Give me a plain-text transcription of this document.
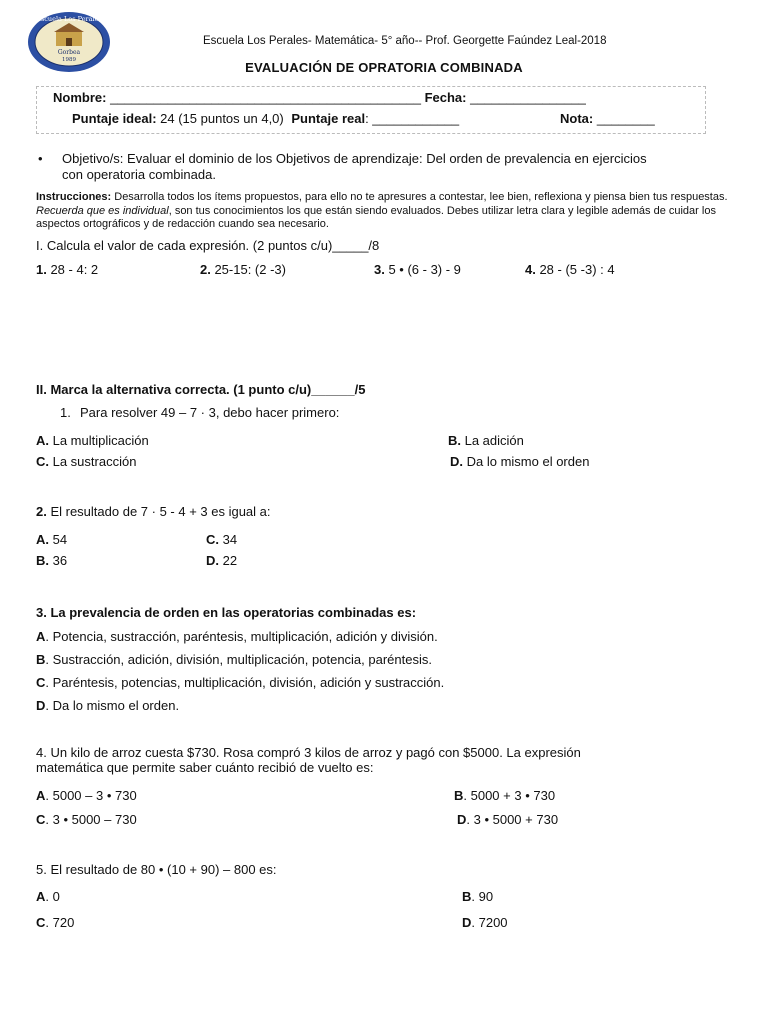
Gorbea
1989
Escuela Los Perales
Escuela Los Perales- Matemática- 5° año-- Prof. Georgette Faúndez Leal-2018
EVALUACIÓN DE OPRATORIA COMBINADA
Nombre: ___________________________________________ Fecha: ________________
Puntaje ideal: 24 (15 puntos un 4,0) Puntaje real: ____________	Nota: ________
• Objetivo/s: Evaluar el dominio de los Objetivos de aprendizaje: Del orden de prevalencia en ejercicios
con operatoria combinada.
Instrucciones: Desarrolla todos los ítems propuestos, para ello no te apresures a contestar, lee bien, reflexiona y piensa bien tus respuestas. Recuerda que es individual, son tus conocimientos los que están siendo evaluados. Debes utilizar letra clara y legible además de cuidar los aspectos ortográficos y de redacción cuando sea necesario.
I. Calcula el valor de cada expresión. (2 puntos c/u)_____/8
1. 28 - 4: 2	2. 25-15: (2 -3)	3. 5 • (6 - 3) - 9	4. 28 - (5 -3) : 4
II. Marca la alternativa correcta. (1 punto c/u)______/5
1. Para resolver 49 – 7 · 3, debo hacer primero:
A. La multiplicación	B. La adición
C. La sustracción	D. Da lo mismo el orden
2. El resultado de 7 · 5 - 4 + 3 es igual a:
A. 54	C. 34
B. 36	D. 22
3. La prevalencia de orden en las operatorias combinadas es:
A. Potencia, sustracción, paréntesis, multiplicación, adición y división.
B. Sustracción, adición, división, multiplicación, potencia, paréntesis.
C. Paréntesis, potencias, multiplicación, división, adición y sustracción.
D. Da lo mismo el orden.
4. Un kilo de arroz cuesta $730. Rosa compró 3 kilos de arroz y pagó con $5000. La expresión
matemática que permite saber cuánto recibió de vuelto es:
A. 5000 – 3 • 730	B. 5000 + 3 • 730
C. 3 • 5000 – 730	D. 3 • 5000 + 730
5. El resultado de 80 • (10 + 90) – 800 es:
A. 0	B. 90
C. 720	D. 7200
